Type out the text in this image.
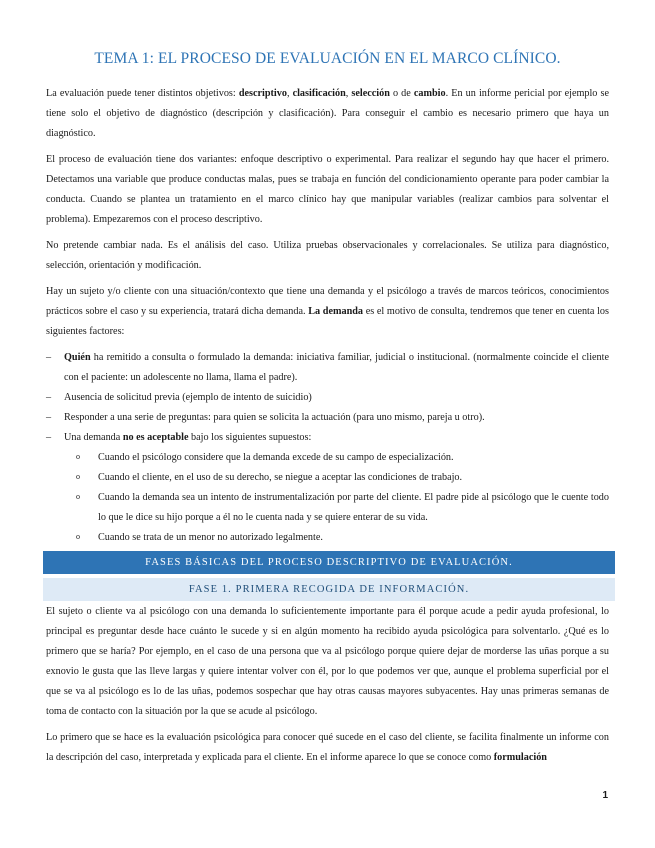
TEMA 1: EL PROCESO DE EVALUACIÓN EN EL MARCO CLÍNICO.

La evaluación puede tener distintos objetivos: descriptivo, clasificación, selección o de cambio. En un informe pericial por ejemplo se tiene solo el objetivo de diagnóstico (descripción y clasificación). Para conseguir el cambio es necesario primero que haya un diagnóstico.

El proceso de evaluación tiene dos variantes: enfoque descriptivo o experimental. Para realizar el segundo hay que hacer el primero. Detectamos una variable que produce conductas malas, pues se trabaja en función del condicionamiento operante para poder cambiar la conducta. Cuando se plantea un tratamiento en el marco clínico hay que manipular variables (realizar cambios para solventar el problema). Empezaremos con el proceso descriptivo.

No pretende cambiar nada. Es el análisis del caso. Utiliza pruebas observacionales y correlacionales. Se utiliza para diagnóstico, selección, orientación y modificación.

Hay un sujeto y/o cliente con una situación/contexto que tiene una demanda y el psicólogo a través de marcos teóricos, conocimientos prácticos sobre el caso y su experiencia, tratará dicha demanda. La demanda es el motivo de consulta, tendremos que tener en cuenta los siguientes factores:

– Quién ha remitido a consulta o formulado la demanda: iniciativa familiar, judicial o institucional. (normalmente coincide el cliente con el paciente: un adolescente no llama, llama el padre).
– Ausencia de solicitud previa (ejemplo de intento de suicidio)
– Responder a una serie de preguntas: para quien se solicita la actuación (para uno mismo, pareja u otro).
– Una demanda no es aceptable bajo los siguientes supuestos:
o Cuando el psicólogo considere que la demanda excede de su campo de especialización.
o Cuando el cliente, en el uso de su derecho, se niegue a aceptar las condiciones de trabajo.
o Cuando la demanda sea un intento de instrumentalización por parte del cliente. El padre pide al psicólogo que le cuente todo lo que le dice su hijo porque a él no le cuenta nada y se quiere enterar de su vida.
o Cuando se trata de un menor no autorizado legalmente.
FASES BÁSICAS DEL PROCESO DESCRIPTIVO DE EVALUACIÓN.
FASE 1. PRIMERA RECOGIDA DE INFORMACIÓN.

El sujeto o cliente va al psicólogo con una demanda lo suficientemente importante para él porque acude a pedir ayuda profesional, lo principal es preguntar desde hace cuánto le sucede y si en algún momento ha recibido ayuda psicológica para solventarlo. ¿Qué es lo primero que se haría? Por ejemplo, en el caso de una persona que va al psicólogo porque quiere dejar de morderse las uñas porque a su exnovio le gusta que las lleve largas y quiere intentar volver con él, por lo que podemos ver que, aunque el problema superficial por el que se va al psicólogo es lo de las uñas, podemos sospechar que hay otras causas mayores subyacentes. Hay unas primeras semanas de toma de contacto con la situación por la que se acude al psicólogo.

Lo primero que se hace es la evaluación psicológica para conocer qué sucede en el caso del cliente, se facilita finalmente un informe con la descripción del caso, interpretada y explicada para el cliente. En el informe aparece lo que se conoce como formulación

1
